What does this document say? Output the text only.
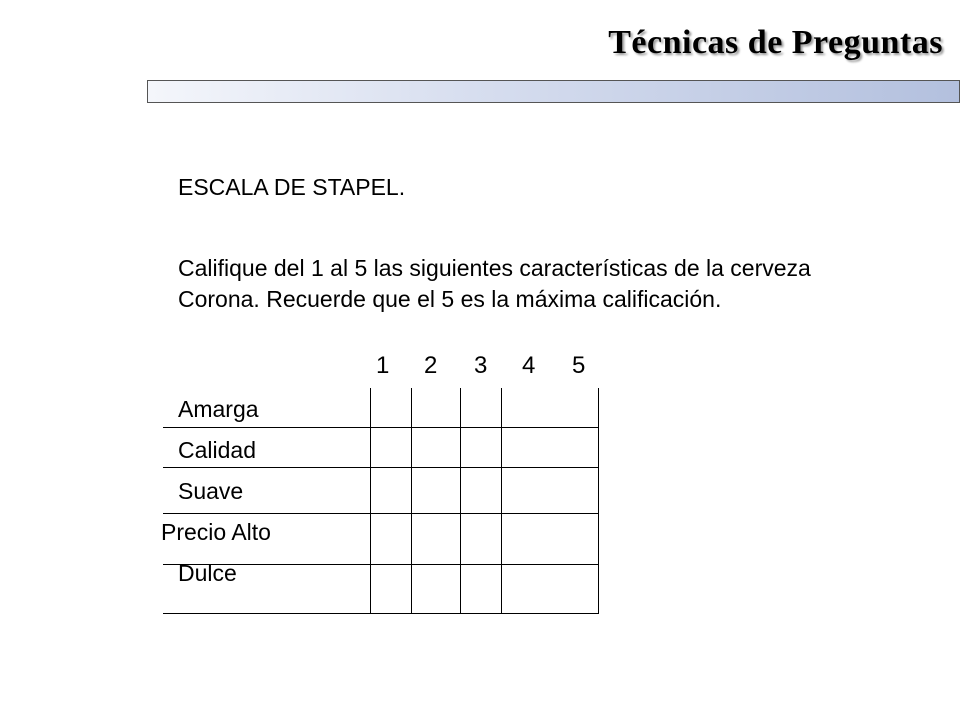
Técnicas de Preguntas
ESCALA DE STAPEL.
Califique del 1 al 5 las siguientes características de la cerveza Corona. Recuerde que el 5 es la máxima calificación.

1 2 3 4 5
Amarga
Calidad
Suave
Precio Alto
Dulce
